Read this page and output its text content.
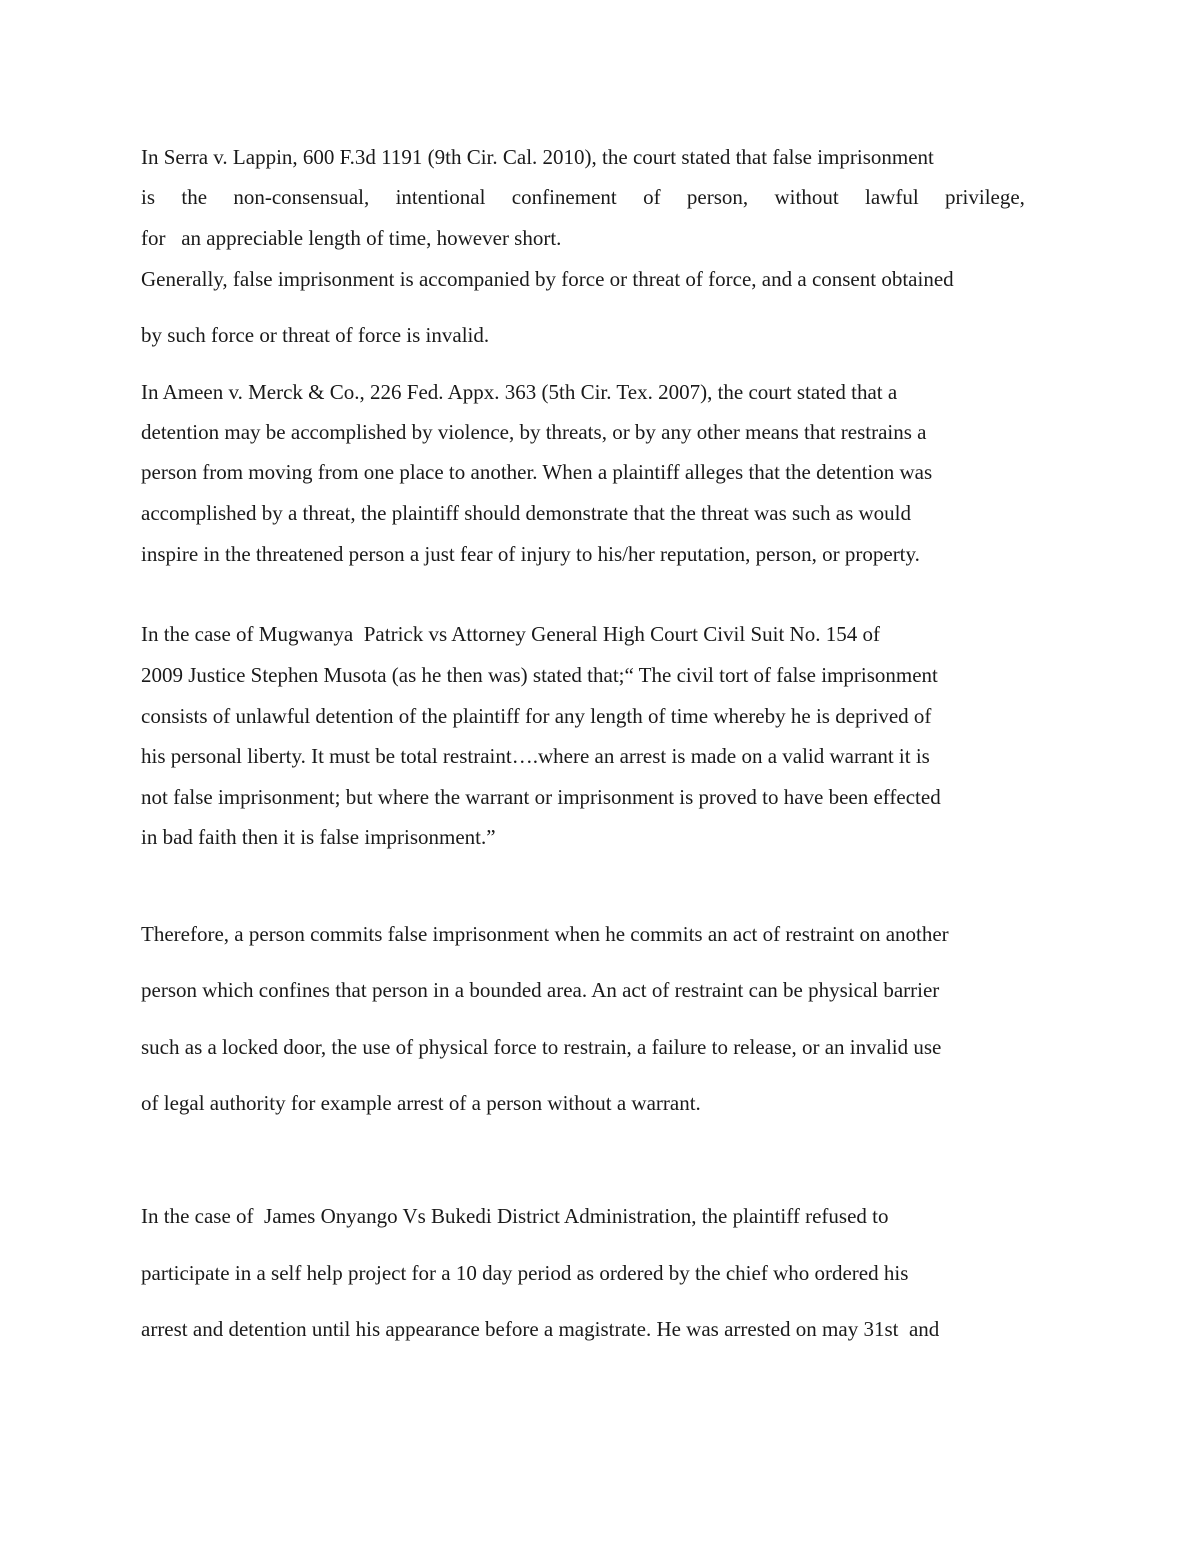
In Serra v. Lappin, 600 F.3d 1191 (9th Cir. Cal. 2010), the court stated that false imprisonment
is the non-consensual, intentional confinement of person, without lawful privilege,
for   an appreciable length of time, however short.
Generally, false imprisonment is accompanied by force or threat of force, and a consent obtained
by such force or threat of force is invalid.
In Ameen v. Merck & Co., 226 Fed. Appx. 363 (5th Cir. Tex. 2007), the court stated that a
detention may be accomplished by violence, by threats, or by any other means that restrains a
person from moving from one place to another. When a plaintiff alleges that the detention was
accomplished by a threat, the plaintiff should demonstrate that the threat was such as would
inspire in the threatened person a just fear of injury to his/her reputation, person, or property.
In the case of Mugwanya  Patrick vs Attorney General High Court Civil Suit No. 154 of
2009 Justice Stephen Musota (as he then was) stated that;“ The civil tort of false imprisonment
consists of unlawful detention of the plaintiff for any length of time whereby he is deprived of
his personal liberty. It must be total restraint….where an arrest is made on a valid warrant it is
not false imprisonment; but where the warrant or imprisonment is proved to have been effected
in bad faith then it is false imprisonment.”
Therefore, a person commits false imprisonment when he commits an act of restraint on another
person which confines that person in a bounded area. An act of restraint can be physical barrier
such as a locked door, the use of physical force to restrain, a failure to release, or an invalid use
of legal authority for example arrest of a person without a warrant.
In the case of  James Onyango Vs Bukedi District Administration, the plaintiff refused to
participate in a self help project for a 10 day period as ordered by the chief who ordered his
arrest and detention until his appearance before a magistrate. He was arrested on may 31st  and
